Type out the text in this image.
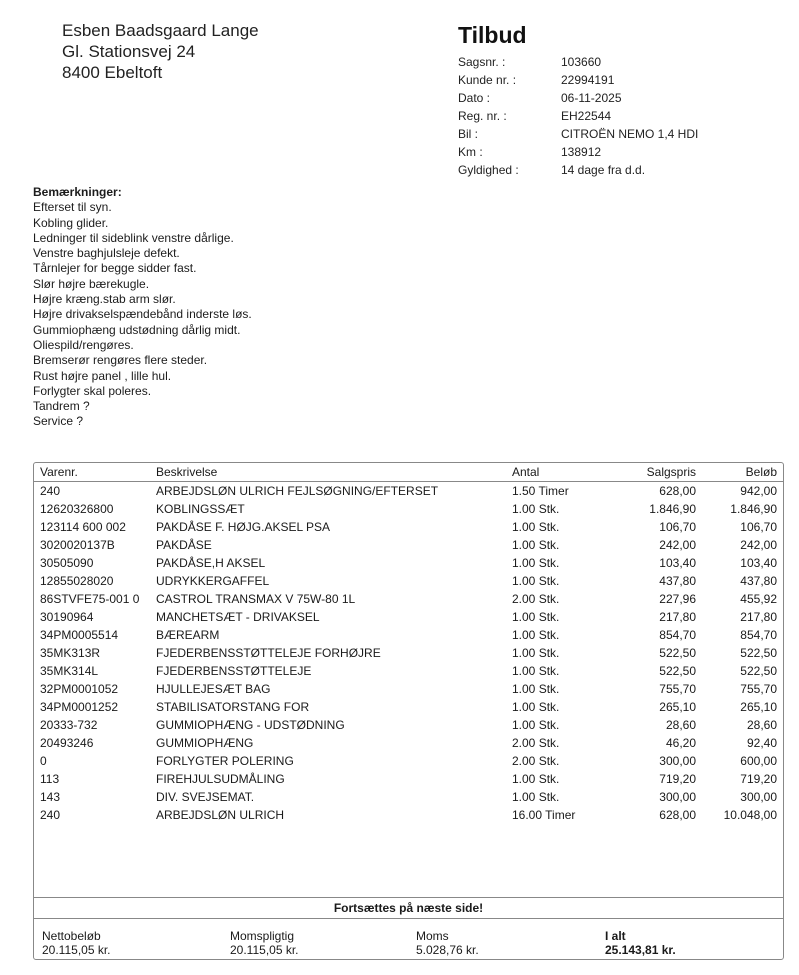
Esben Baadsgaard Lange
Gl. Stationsvej 24
8400 Ebeltoft
Tilbud
Sagsnr. :	103660
Kunde nr. :	22994191
Dato :	06-11-2025
Reg. nr. :	EH22544
Bil :	CITROËN NEMO 1,4 HDI
Km :	138912
Gyldighed :	14 dage fra d.d.
Bemærkninger:
Efterset til syn.
Kobling glider.
Ledninger til sideblink venstre dårlige.
Venstre baghjulsleje defekt.
Tårnlejer for begge sidder fast.
Slør højre bærekugle.
Højre kræng.stab arm slør.
Højre drivakselspændebånd inderste løs.
Gummiophæng udstødning dårlig midt.
Oliespild/rengøres.
Bremserør rengøres flere steder.
Rust højre panel , lille hul.
Forlygter skal poleres.
Tandrem ?
Service ?
Varenr.	Beskrivelse	Antal	Salgspris	Beløb
240	ARBEJDSLØN ULRICH FEJLSØGNING/EFTERSET	1.50 Timer	628,00	942,00
12620326800	KOBLINGSSÆT	1.00 Stk.	1.846,90	1.846,90
123114 600 002	PAKDÅSE F. HØJG.AKSEL PSA	1.00 Stk.	106,70	106,70
3020020137B	PAKDÅSE	1.00 Stk.	242,00	242,00
30505090	PAKDÅSE,H AKSEL	1.00 Stk.	103,40	103,40
12855028020	UDRYKKERGAFFEL	1.00 Stk.	437,80	437,80
86STVFE75-001 0	CASTROL TRANSMAX V 75W-80 1L	2.00 Stk.	227,96	455,92
30190964	MANCHETSÆT - DRIVAKSEL	1.00 Stk.	217,80	217,80
34PM0005514	BÆREARM	1.00 Stk.	854,70	854,70
35MK313R	FJEDERBENSSTØTTELEJE FORHØJRE	1.00 Stk.	522,50	522,50
35MK314L	FJEDERBENSSTØTTELEJE	1.00 Stk.	522,50	522,50
32PM0001052	HJULLEJESÆT BAG	1.00 Stk.	755,70	755,70
34PM0001252	STABILISATORSTANG FOR	1.00 Stk.	265,10	265,10
20333-732	GUMMIOPHÆNG - UDSTØDNING	1.00 Stk.	28,60	28,60
20493246	GUMMIOPHÆNG	2.00 Stk.	46,20	92,40
0	FORLYGTER POLERING	2.00 Stk.	300,00	600,00
113	FIREHJULSUDMÅLING	1.00 Stk.	719,20	719,20
143	DIV. SVEJSEMAT.	1.00 Stk.	300,00	300,00
240	ARBEJDSLØN ULRICH	16.00 Timer	628,00	10.048,00
Fortsættes på næste side!
Nettobeløb
20.115,05 kr.
Momspligtig
20.115,05 kr.
Moms
5.028,76 kr.
I alt
25.143,81 kr.
